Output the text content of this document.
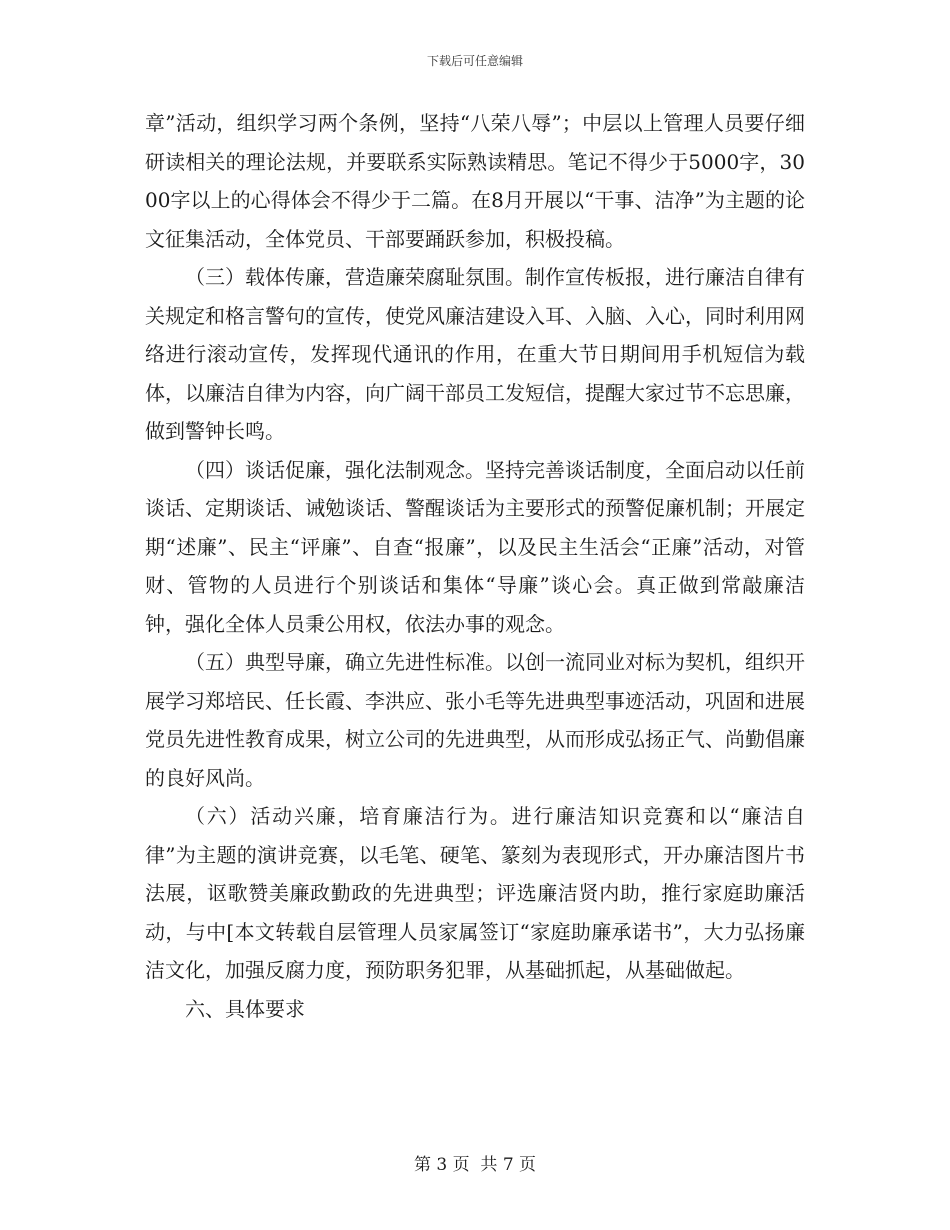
下载后可任意编辑

章”活动，组织学习两个条例，坚持“八荣八辱”；中层以上管理人员要仔细研读相关的理论法规，并要联系实际熟读精思。笔记不得少于5000字，3000字以上的心得体会不得少于二篇。在8月开展以“干事、洁净”为主题的论文征集活动，全体党员、干部要踊跃参加，积极投稿。

（三）载体传廉，营造廉荣腐耻氛围。制作宣传板报，进行廉洁自律有关规定和格言警句的宣传，使党风廉洁建设入耳、入脑、入心，同时利用网络进行滚动宣传，发挥现代通讯的作用，在重大节日期间用手机短信为载体，以廉洁自律为内容，向广阔干部员工发短信，提醒大家过节不忘思廉，做到警钟长鸣。

（四）谈话促廉，强化法制观念。坚持完善谈话制度，全面启动以任前谈话、定期谈话、诫勉谈话、警醒谈话为主要形式的预警促廉机制；开展定期“述廉”、民主“评廉”、自查“报廉”，以及民主生活会“正廉”活动，对管财、管物的人员进行个别谈话和集体“导廉”谈心会。真正做到常敲廉洁钟，强化全体人员秉公用权，依法办事的观念。

（五）典型导廉，确立先进性标准。以创一流同业对标为契机，组织开展学习郑培民、任长霞、李洪应、张小毛等先进典型事迹活动，巩固和进展党员先进性教育成果，树立公司的先进典型，从而形成弘扬正气、尚勤倡廉的良好风尚。

（六）活动兴廉，培育廉洁行为。进行廉洁知识竞赛和以“廉洁自律”为主题的演讲竞赛，以毛笔、硬笔、篆刻为表现形式，开办廉洁图片书法展，讴歌赞美廉政勤政的先进典型；评选廉洁贤内助，推行家庭助廉活动，与中[本文转载自层管理人员家属签订“家庭助廉承诺书”，大力弘扬廉洁文化，加强反腐力度，预防职务犯罪，从基础抓起，从基础做起。

六、具体要求

第 3 页  共 7 页
